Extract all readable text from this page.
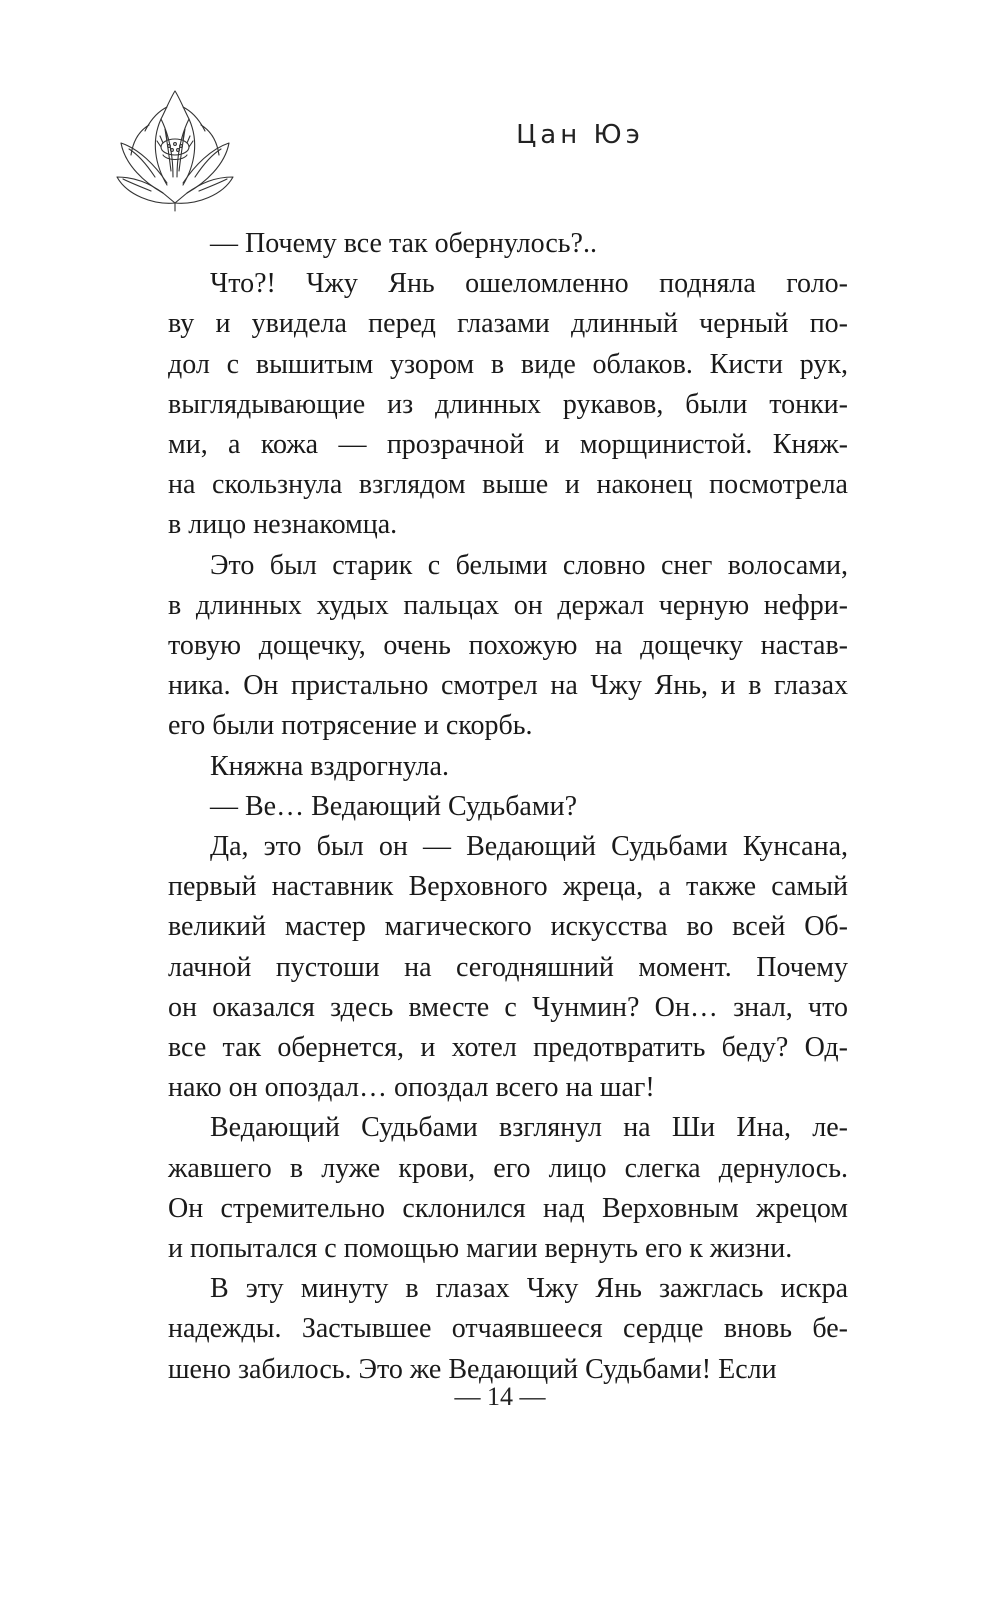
Цан Юэ

— Почему все так обернулось?..

Что?! Чжу Янь ошеломленно подняла голо-
ву и увидела перед глазами длинный черный по-
дол с вышитым узором в виде облаков. Кисти рук,
выглядывающие из длинных рукавов, были тонки-
ми, а кожа — прозрачной и морщинистой. Княж-
на скользнула взглядом выше и наконец посмотрела
в лицо незнакомца.

Это был старик с белыми словно снег волосами,
в длинных худых пальцах он держал черную нефри-
товую дощечку, очень похожую на дощечку настав-
ника. Он пристально смотрел на Чжу Янь, и в глазах
его были потрясение и скорбь.

Княжна вздрогнула.

— Ве… Ведающий Судьбами?

Да, это был он — Ведающий Судьбами Кунсана,
первый наставник Верховного жреца, а также самый
великий мастер магического искусства во всей Об-
лачной пустоши на сегодняшний момент. Почему
он оказался здесь вместе с Чунмин? Он… знал, что
все так обернется, и хотел предотвратить беду? Од-
нако он опоздал… опоздал всего на шаг!

Ведающий Судьбами взглянул на Ши Ина, ле-
жавшего в луже крови, его лицо слегка дернулось.
Он стремительно склонился над Верховным жрецом
и попытался с помощью магии вернуть его к жизни.

В эту минуту в глазах Чжу Янь зажглась искра
надежды. Застывшее отчаявшееся сердце вновь бе-
шено забилось. Это же Ведающий Судьбами! Если

— 14 —
